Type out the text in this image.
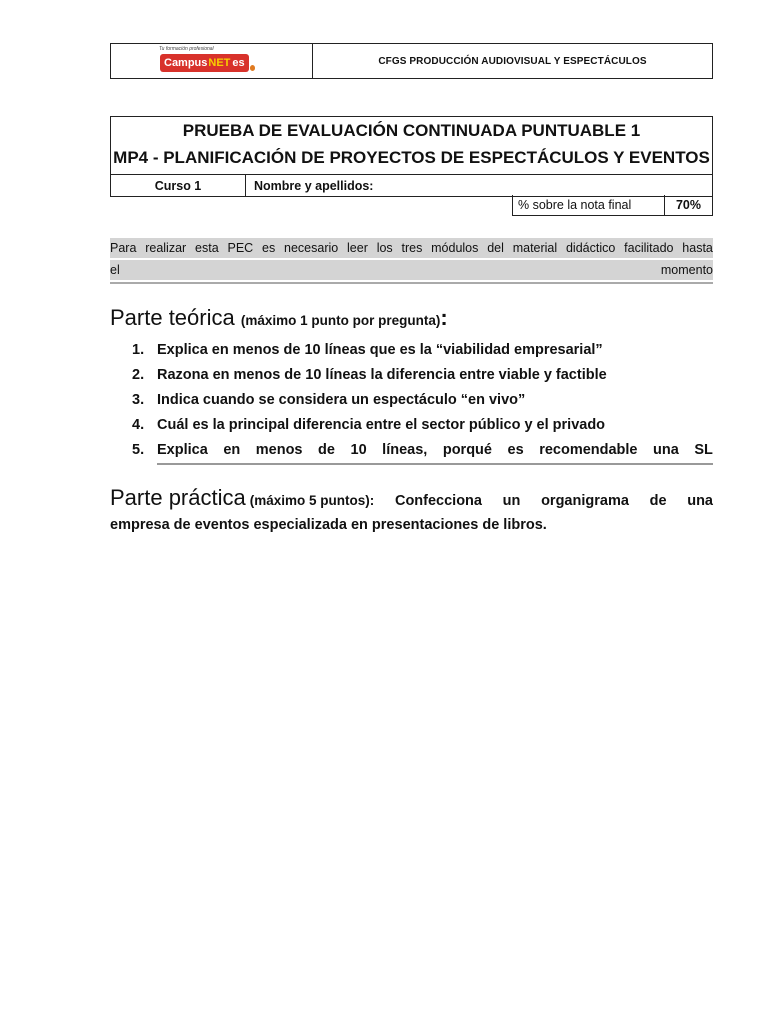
Tu formación profesional
Campus NET es	CFGS PRODUCCIÓN AUDIOVISUAL Y ESPECTÁCULOS
PRUEBA DE EVALUACIÓN CONTINUADA PUNTUABLE 1
MP4 - PLANIFICACIÓN DE PROYECTOS DE ESPECTÁCULOS Y EVENTOS
Curso 1	Nombre y apellidos:
% sobre la nota final	70%
Para realizar esta PEC es necesario leer los tres módulos del material didáctico facilitado hasta
el	momento
Parte teórica (máximo 1 punto por pregunta):
1. Explica en menos de 10 líneas que es la “viabilidad empresarial”
2. Razona en menos de 10 líneas la diferencia entre viable y factible
3. Indica cuando se considera un espectáculo “en vivo”
4. Cuál es la principal diferencia entre el sector público y el privado
5. Explica en menos de 10 líneas, porqué es recomendable una SL
Parte práctica (máximo 5 puntos): Confecciona un organigrama de una
empresa de eventos especializada en presentaciones de libros.
